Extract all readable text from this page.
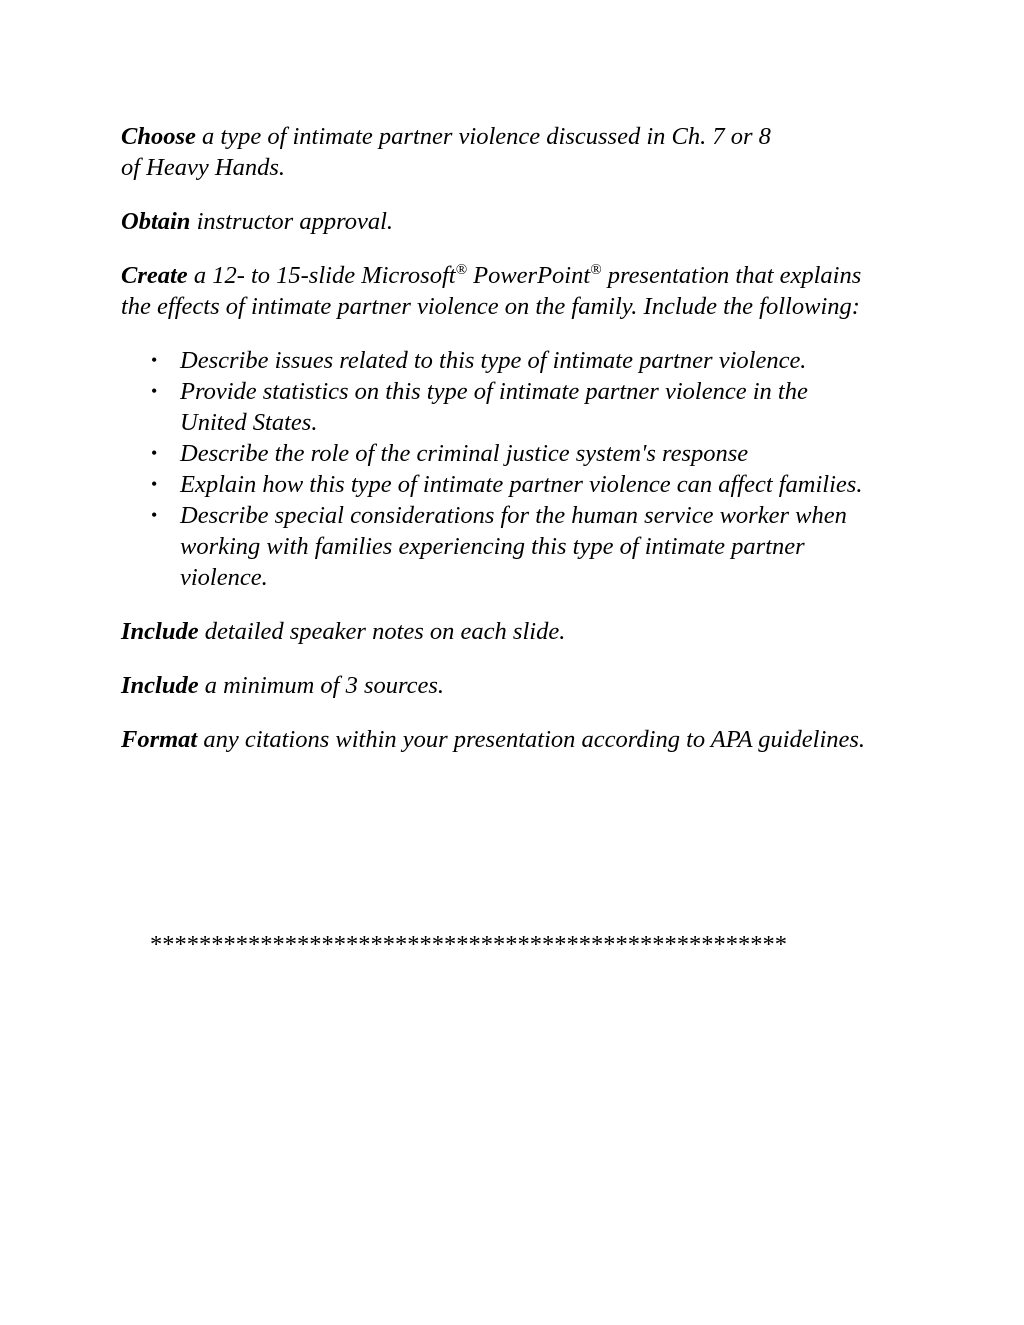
Choose a type of intimate partner violence discussed in Ch. 7 or 8
of Heavy Hands.

Obtain instructor approval.

Create a 12- to 15-slide Microsoft® PowerPoint® presentation that explains the effects of intimate partner violence on the family. Include the following:

• Describe issues related to this type of intimate partner violence.
• Provide statistics on this type of intimate partner violence in the United States.
• Describe the role of the criminal justice system's response
• Explain how this type of intimate partner violence can affect families.
• Describe special considerations for the human service worker when working with families experiencing this type of intimate partner violence.

Include detailed speaker notes on each slide.

Include a minimum of 3 sources.

Format any citations within your presentation according to APA guidelines.

****************************************************
